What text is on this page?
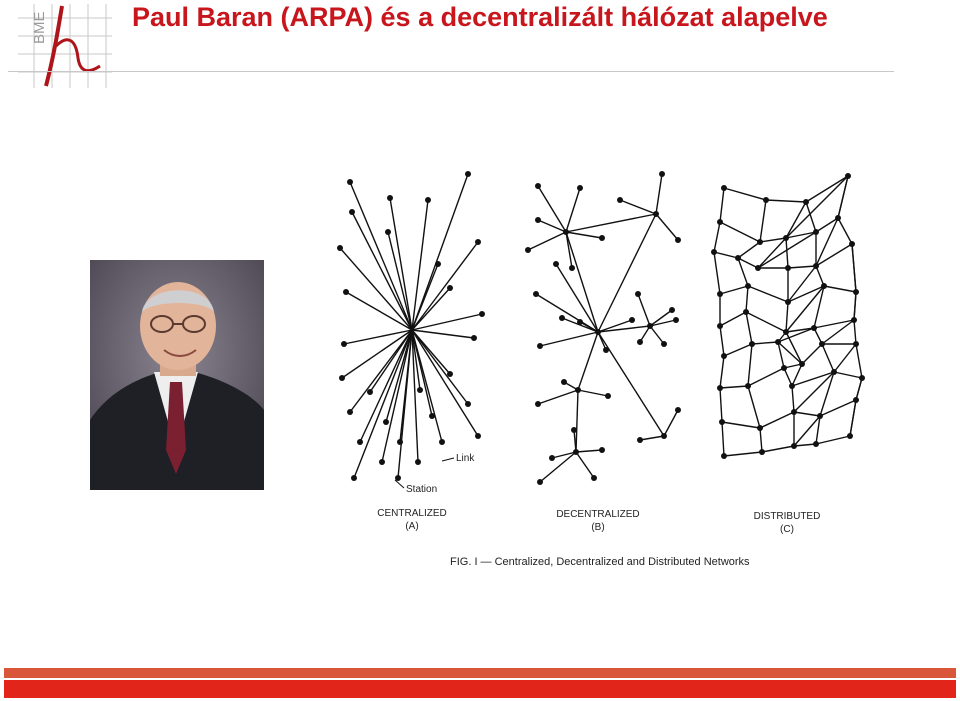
BME	Paul Baran (ARPA) és a decentralizált hálózat alapelve
Link
Station
CENTRALIZED
(A)
DECENTRALIZED
(B)
DISTRIBUTED
(C)
FIG. I — Centralized, Decentralized and Distributed Networks
